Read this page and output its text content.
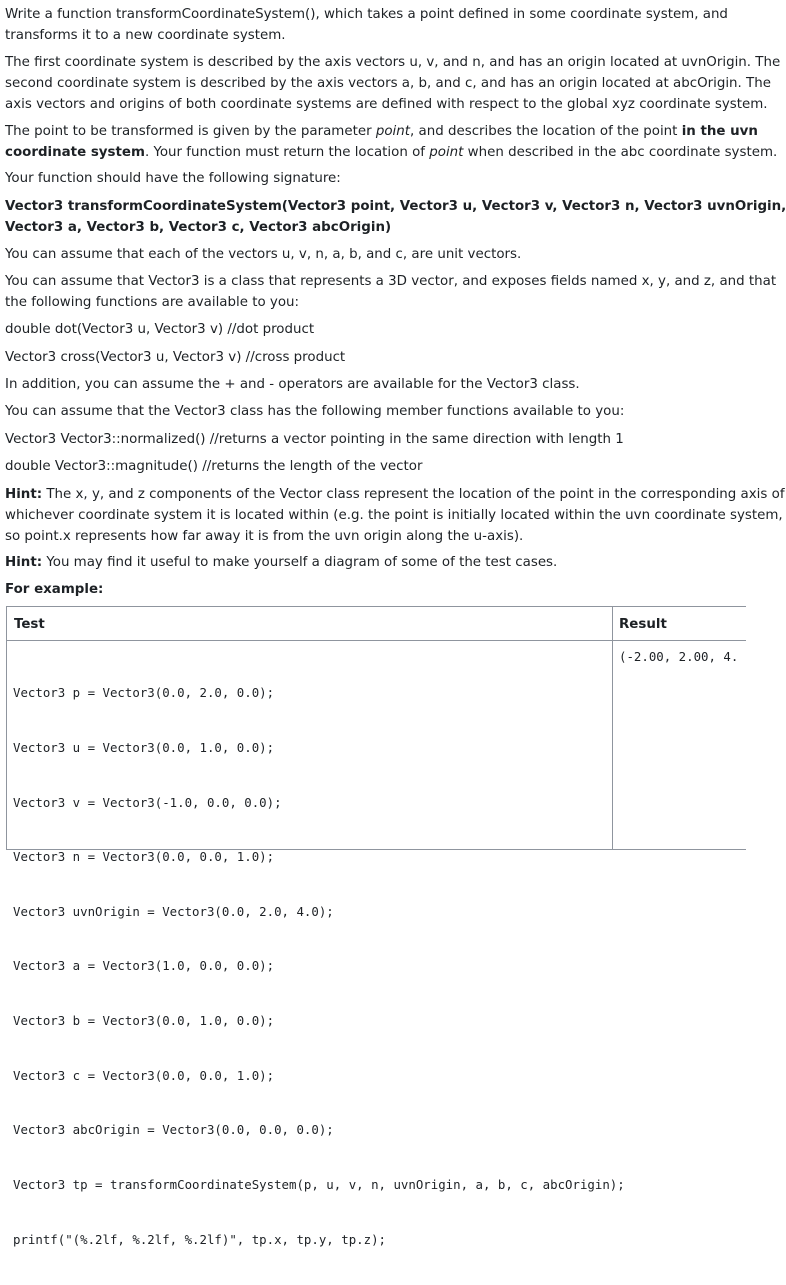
Write a function transformCoordinateSystem(), which takes a point defined in some coordinate system, and
transforms it to a new coordinate system.

The first coordinate system is described by the axis vectors u, v, and n, and has an origin located at uvnOrigin. The
second coordinate system is described by the axis vectors a, b, and c, and has an origin located at abcOrigin. The
axis vectors and origins of both coordinate systems are defined with respect to the global xyz coordinate system.

The point to be transformed is given by the parameter point, and describes the location of the point in the uvn
coordinate system. Your function must return the location of point when described in the abc coordinate system.

Your function should have the following signature:

Vector3 transformCoordinateSystem(Vector3 point, Vector3 u, Vector3 v, Vector3 n, Vector3 uvnOrigin,
Vector3 a, Vector3 b, Vector3 c, Vector3 abcOrigin)

You can assume that each of the vectors u, v, n, a, b, and c, are unit vectors.

You can assume that Vector3 is a class that represents a 3D vector, and exposes fields named x, y, and z, and that
the following functions are available to you:

double dot(Vector3 u, Vector3 v) //dot product

Vector3 cross(Vector3 u, Vector3 v) //cross product

In addition, you can assume the + and - operators are available for the Vector3 class.

You can assume that the Vector3 class has the following member functions available to you:

Vector3 Vector3::normalized() //returns a vector pointing in the same direction with length 1

double Vector3::magnitude() //returns the length of the vector

Hint: The x, y, and z components of the Vector class represent the location of the point in the corresponding axis of
whichever coordinate system it is located within (e.g. the point is initially located within the uvn coordinate system,
so point.x represents how far away it is from the uvn origin along the u-axis).

Hint: You may find it useful to make yourself a diagram of some of the test cases.

For example:

Test	Result

Vector3 p = Vector3(0.0, 2.0, 0.0);

Vector3 u = Vector3(0.0, 1.0, 0.0);

Vector3 v = Vector3(-1.0, 0.0, 0.0);

Vector3 n = Vector3(0.0, 0.0, 1.0);

Vector3 uvnOrigin = Vector3(0.0, 2.0, 4.0);

Vector3 a = Vector3(1.0, 0.0, 0.0);

Vector3 b = Vector3(0.0, 1.0, 0.0);

Vector3 c = Vector3(0.0, 0.0, 1.0);

Vector3 abcOrigin = Vector3(0.0, 0.0, 0.0);

Vector3 tp = transformCoordinateSystem(p, u, v, n, uvnOrigin, a, b, c, abcOrigin);

printf("(%.2lf, %.2lf, %.2lf)", tp.x, tp.y, tp.z);

(-2.00, 2.00, 4.
